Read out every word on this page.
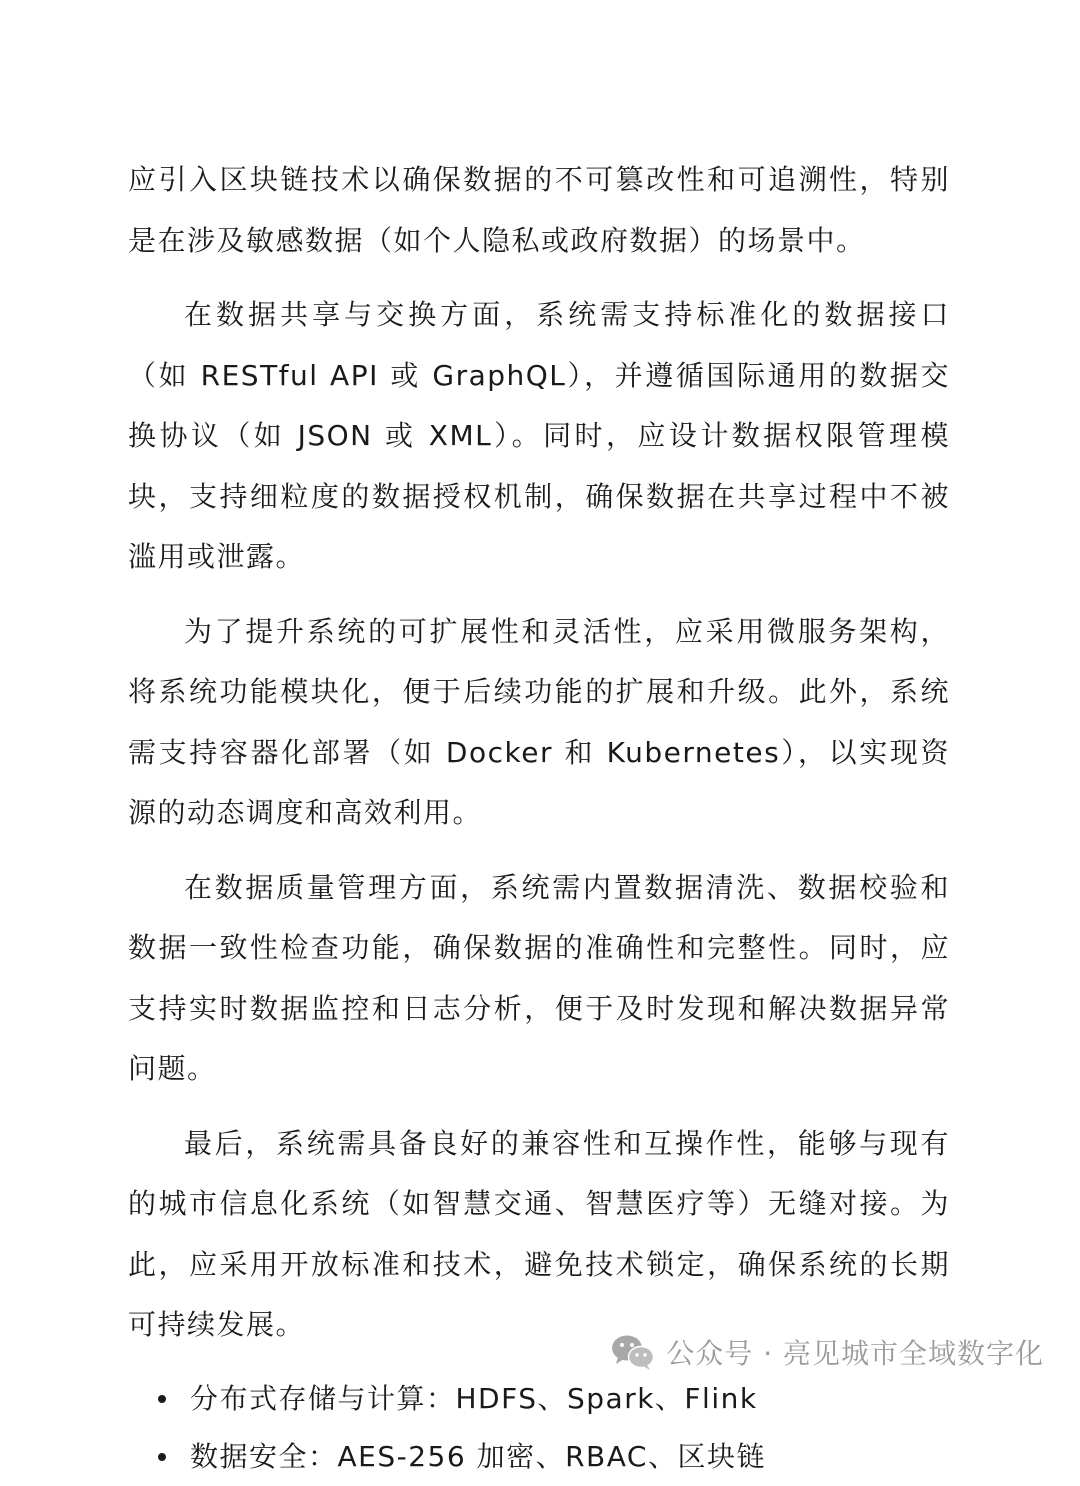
应引入区块链技术以确保数据的不可篡改性和可追溯性，特别是在涉及敏感数据（如个人隐私或政府数据）的场景中。

在数据共享与交换方面，系统需支持标准化的数据接口（如 RESTful API 或 GraphQL），并遵循国际通用的数据交换协议（如 JSON 或 XML）。同时，应设计数据权限管理模块，支持细粒度的数据授权机制，确保数据在共享过程中不被滥用或泄露。

为了提升系统的可扩展性和灵活性，应采用微服务架构，将系统功能模块化，便于后续功能的扩展和升级。此外，系统需支持容器化部署（如 Docker 和 Kubernetes），以实现资源的动态调度和高效利用。

在数据质量管理方面，系统需内置数据清洗、数据校验和数据一致性检查功能，确保数据的准确性和完整性。同时，应支持实时数据监控和日志分析，便于及时发现和解决数据异常问题。

最后，系统需具备良好的兼容性和互操作性，能够与现有的城市信息化系统（如智慧交通、智慧医疗等）无缝对接。为此，应采用开放标准和技术，避免技术锁定，确保系统的长期可持续发展。

分布式存储与计算：HDFS、Spark、Flink
数据安全：AES-256 加密、RBAC、区块链
公众号 · 亮见城市全域数字化
